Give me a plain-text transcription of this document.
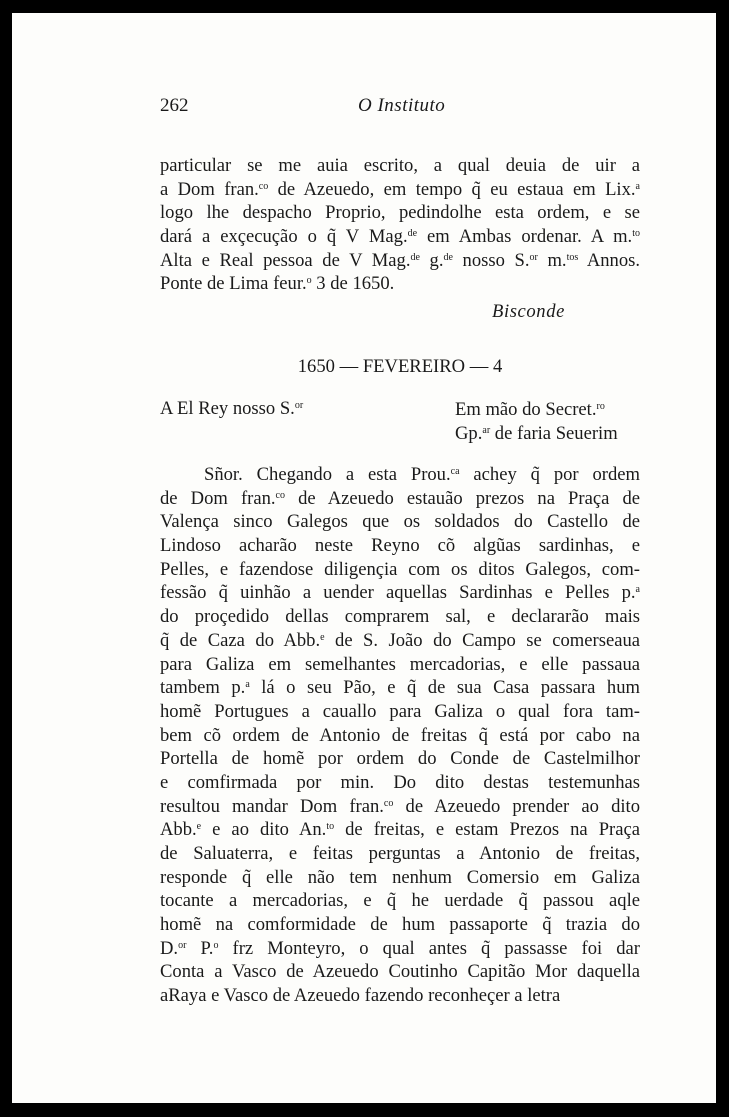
262	O Instituto
particular se me auia escrito, a qual deuia de uir a
a Dom fran.$^{co}$ de Azeuedo, em tempo q̃ eu estaua em Lix.$^a$
logo lhe despacho Proprio, pedindolhe esta ordem, e se
dará a exçecução o q̃ V Mag.$^{de}$ em Ambas ordenar. A m.$^{to}$
Alta e Real pessoa de V Mag.$^{de}$ g.$^{de}$ nosso S.$^{or}$ m.$^{tos}$ Annos.
Ponte de Lima feur.$^o$ 3 de 1650.
Bisconde
1650 — FEVEREIRO — 4
A El Rey nosso S.$^{or}$	Em mão do Secret.$^{ro}$
Gp.$^{ar}$ de faria Seuerim
Sñor. Chegando a esta Prou.$^{ca}$ achey q̃ por ordem
de Dom fran.$^{co}$ de Azeuedo estauão prezos na Praça de
Valença sinco Galegos que os soldados do Castello de
Lindoso acharão neste Reyno cõ algũas sardinhas, e
Pelles, e fazendose diligençia com os ditos Galegos, com-
fessão q̃ uinhão a uender aquellas Sardinhas e Pelles p.$^a$
do proçedido dellas comprarem sal, e declararão mais
q̃ de Caza do Abb.$^e$ de S. João do Campo se comerseaua
para Galiza em semelhantes mercadorias, e elle passaua
tambem p.$^a$ lá o seu Pão, e q̃ de sua Casa passara hum
homẽ Portugues a cauallo para Galiza o qual fora tam-
bem cõ ordem de Antonio de freitas q̃ está por cabo na
Portella de homẽ por ordem do Conde de Castelmilhor
e comfirmada por min. Do dito destas testemunhas
resultou mandar Dom fran.$^{co}$ de Azeuedo prender ao dito
Abb.$^e$ e ao dito An.$^{to}$ de freitas, e estam Prezos na Praça
de Saluaterra, e feitas perguntas a Antonio de freitas,
responde q̃ elle não tem nenhum Comersio em Galiza
tocante a mercadorias, e q̃ he uerdade q̃ passou aqle
homẽ na comformidade de hum passaporte q̃ trazia do
D.$^{or}$ P.$^o$ frz Monteyro, o qual antes q̃ passasse foi dar
Conta a Vasco de Azeuedo Coutinho Capitão Mor daquella
aRaya e Vasco de Azeuedo fazendo reconheçer a letra
